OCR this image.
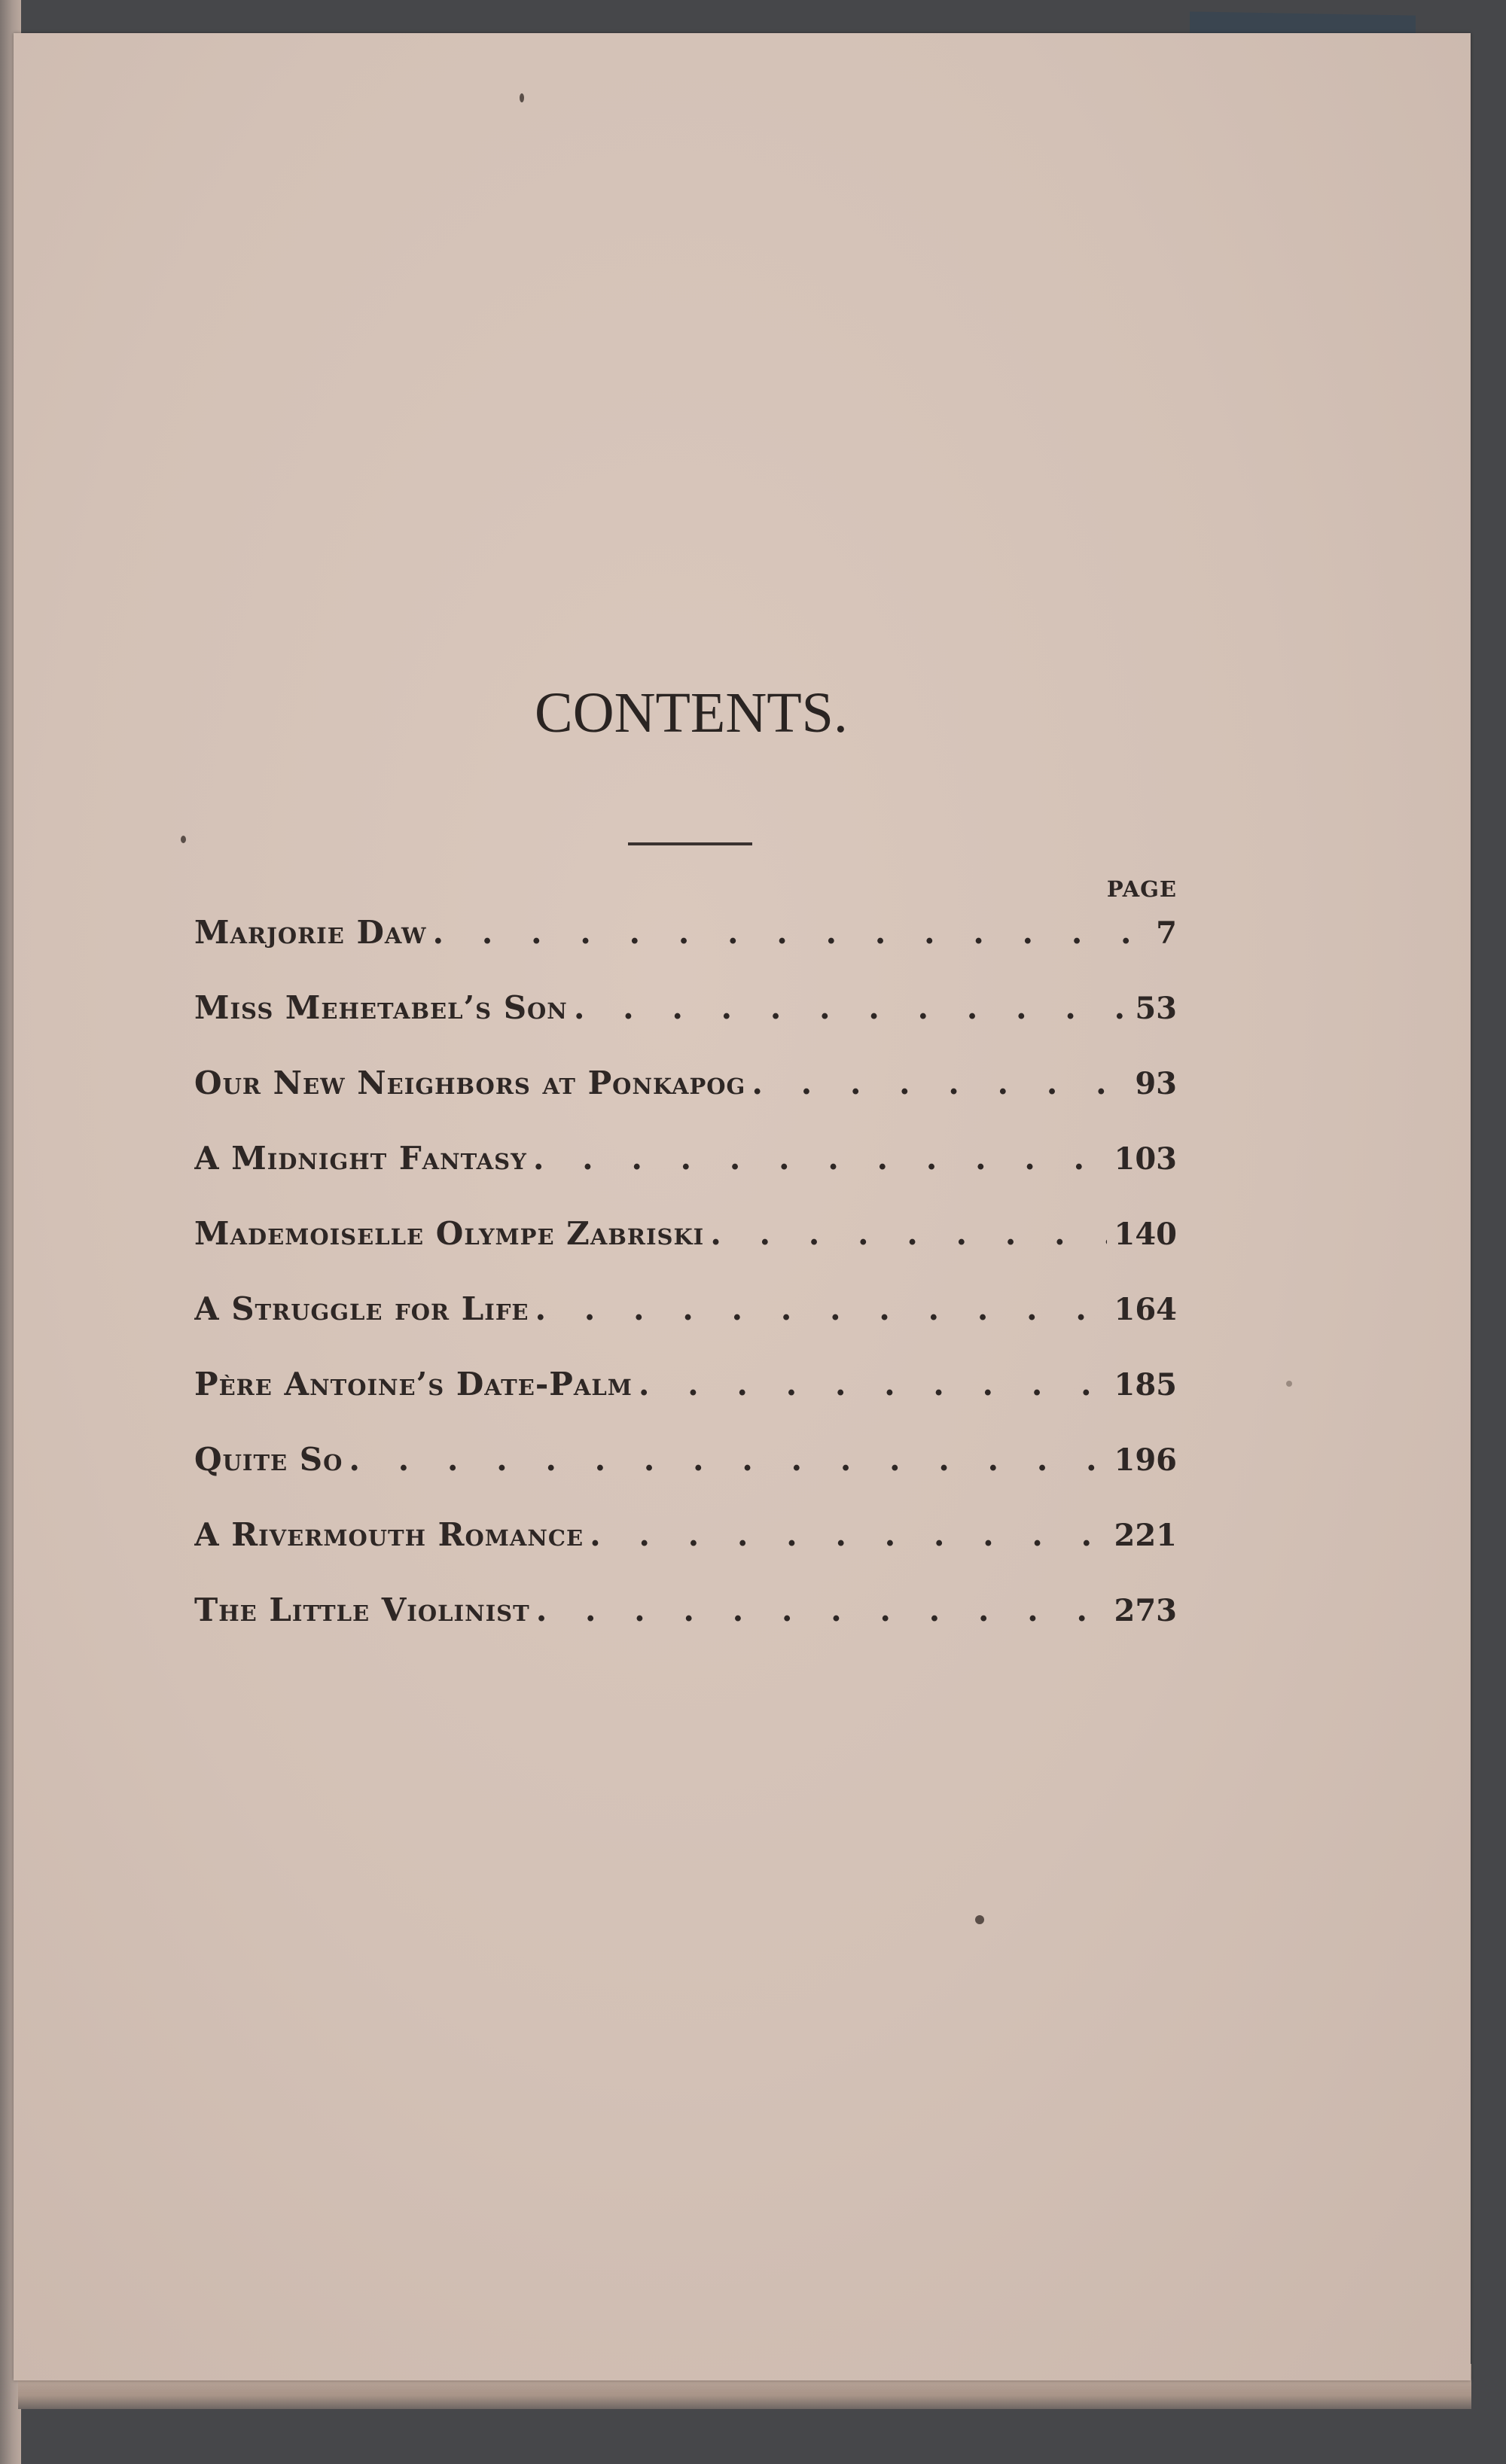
CONTENTS.
PAGE
Marjorie Daw . . .	7
Miss Mehetabel’s Son . . .	53
Our New Neighbors at Ponkapog . . .	93
A Midnight Fantasy . . .	103
Mademoiselle Olympe Zabriski . . .	140
A Struggle for Life . . .	164
Père Antoine’s Date-Palm . . .	185
Quite So . . .	196
A Rivermouth Romance . . .	221
The Little Violinist . . .	273
